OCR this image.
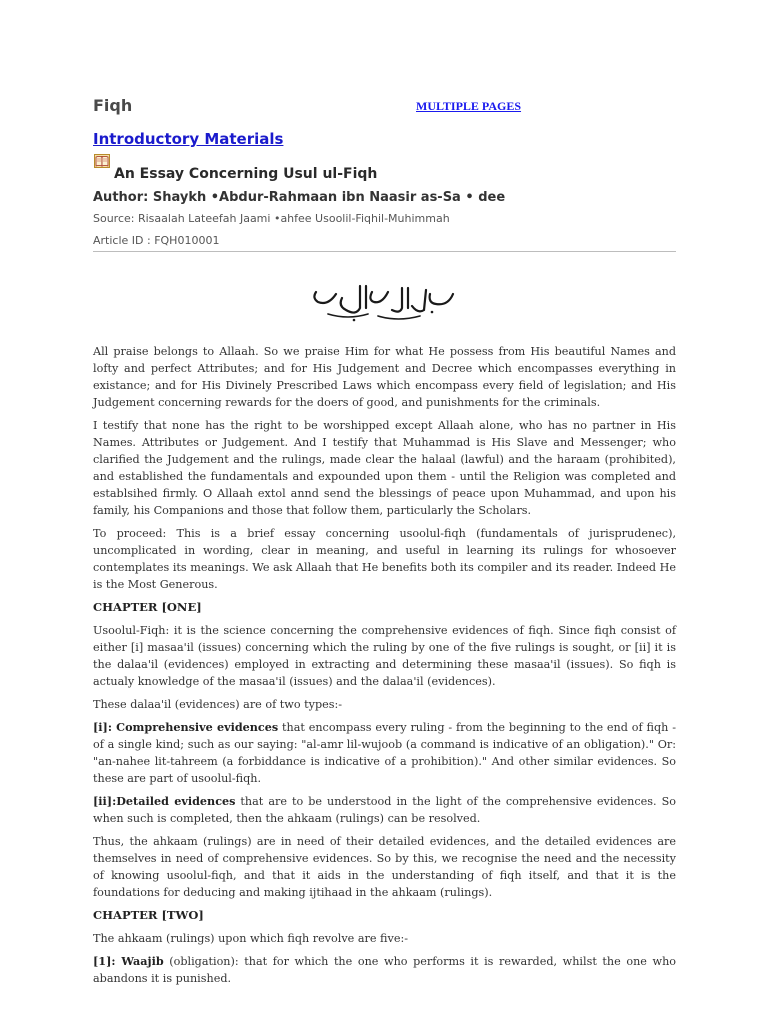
Fiqh	MULTIPLE PAGES
Introductory Materials
An Essay Concerning Usul ul-Fiqh
Author: Shaykh •Abdur-Rahmaan ibn Naasir as-Sa • dee
Source: Risaalah Lateefah Jaami •ahfee Usoolil-Fiqhil-Muhimmah
Article ID : FQH010001

All praise belongs to Allaah. So we praise Him for what He possess from His beautiful Names and lofty and perfect Attributes; and for His Judgement and Decree which encompasses everything in existance; and for His Divinely Prescribed Laws which encompass every field of legislation; and His Judgement concerning rewards for the doers of good, and punishments for the criminals.

I testify that none has the right to be worshipped except Allaah alone, who has no partner in His Names. Attributes or Judgement. And I testify that Muhammad is His Slave and Messenger; who clarified the Judgement and the rulings, made clear the halaal (lawful) and the haraam (prohibited), and established the fundamentals and expounded upon them - until the Religion was completed and establsihed firmly. O Allaah extol annd send the blessings of peace upon Muhammad, and upon his family, his Companions and those that follow them, particularly the Scholars.

To proceed: This is a brief essay concerning usoolul-fiqh (fundamentals of jurisprudenec), uncomplicated in wording, clear in meaning, and useful in learning its rulings for whosoever contemplates its meanings. We ask Allaah that He benefits both its compiler and its reader. Indeed He is the Most Generous.

CHAPTER [ONE]

Usoolul-Fiqh: it is the science concerning the comprehensive evidences of fiqh. Since fiqh consist of either [i] masaa'il (issues) concerning which the ruling by one of the five rulings is sought, or [ii] it is the dalaa'il (evidences) employed in extracting and determining these masaa'il (issues). So fiqh is actualy knowledge of the masaa'il (issues) and the dalaa'il (evidences).

These dalaa'il (evidences) are of two types:-

[i]: Comprehensive evidences that encompass every ruling - from the beginning to the end of fiqh - of a single kind; such as our saying: "al-amr lil-wujoob (a command is indicative of an obligation)." Or: "an-nahee lit-tahreem (a forbiddance is indicative of a prohibition)." And other similar evidences. So these are part of usoolul-fiqh.

[ii]:Detailed evidences that are to be understood in the light of the comprehensive evidences. So when such is completed, then the ahkaam (rulings) can be resolved.

Thus, the ahkaam (rulings) are in need of their detailed evidences, and the detailed evidences are themselves in need of comprehensive evidences. So by this, we recognise the need and the necessity of knowing usoolul-fiqh, and that it aids in the understanding of fiqh itself, and that it is the foundations for deducing and making ijtihaad in the ahkaam (rulings).

CHAPTER [TWO]

The ahkaam (rulings) upon which fiqh revolve are five:-

[1]: Waajib (obligation): that for which the one who performs it is rewarded, whilst the one who abandons it is punished.
